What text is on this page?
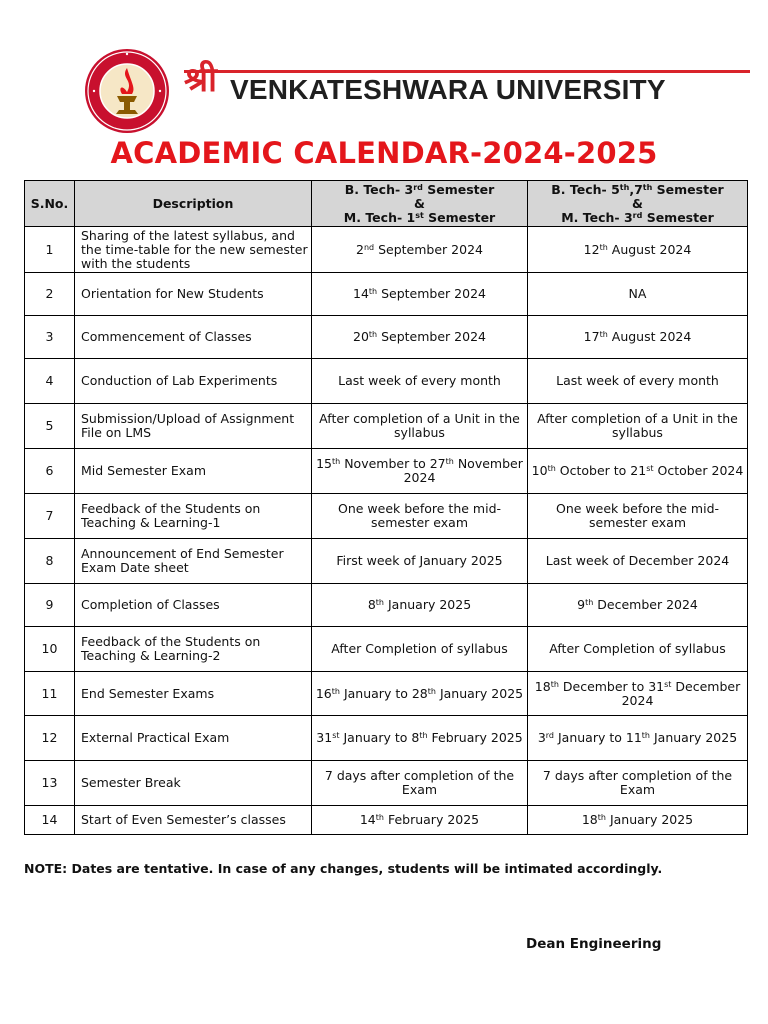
श्री VENKATESHWARA UNIVERSITY
ACADEMIC CALENDAR-2024-2025
S.No.	Description	B. Tech- 3rd Semester
&
M. Tech- 1st Semester	B. Tech- 5th,7th Semester
&
M. Tech- 3rd Semester

1	Sharing of the latest syllabus, and the time-table for the new semester with the students	2nd September 2024	12th August 2024
2	Orientation for New Students	14th September 2024	NA
3	Commencement of Classes	20th September 2024	17th August 2024
4	Conduction of Lab Experiments	Last week of every month	Last week of every month
5	Submission/Upload of Assignment File on LMS	After completion of a Unit in the syllabus	After completion of a Unit in the syllabus
6	Mid Semester Exam	15th November to 27th November 2024	10th October to 21st October 2024
7	Feedback of the Students on Teaching & Learning-1	One week before the mid-semester exam	One week before the mid-semester exam
8	Announcement of End Semester Exam Date sheet	First week of January 2025	Last week of December 2024
9	Completion of Classes	8th January 2025	9th December 2024
10	Feedback of the Students on Teaching & Learning-2	After Completion of syllabus	After Completion of syllabus
11	End Semester Exams	16th January to 28th January 2025	18th December to 31st December 2024
12	External Practical Exam	31st January to 8th February 2025	3rd January to 11th January 2025
13	Semester Break	7 days after completion of the Exam	7 days after completion of the Exam
14	Start of Even Semester’s classes	14th February 2025	18th January 2025
NOTE: Dates are tentative. In case of any changes, students will be intimated accordingly.
Dean Engineering
